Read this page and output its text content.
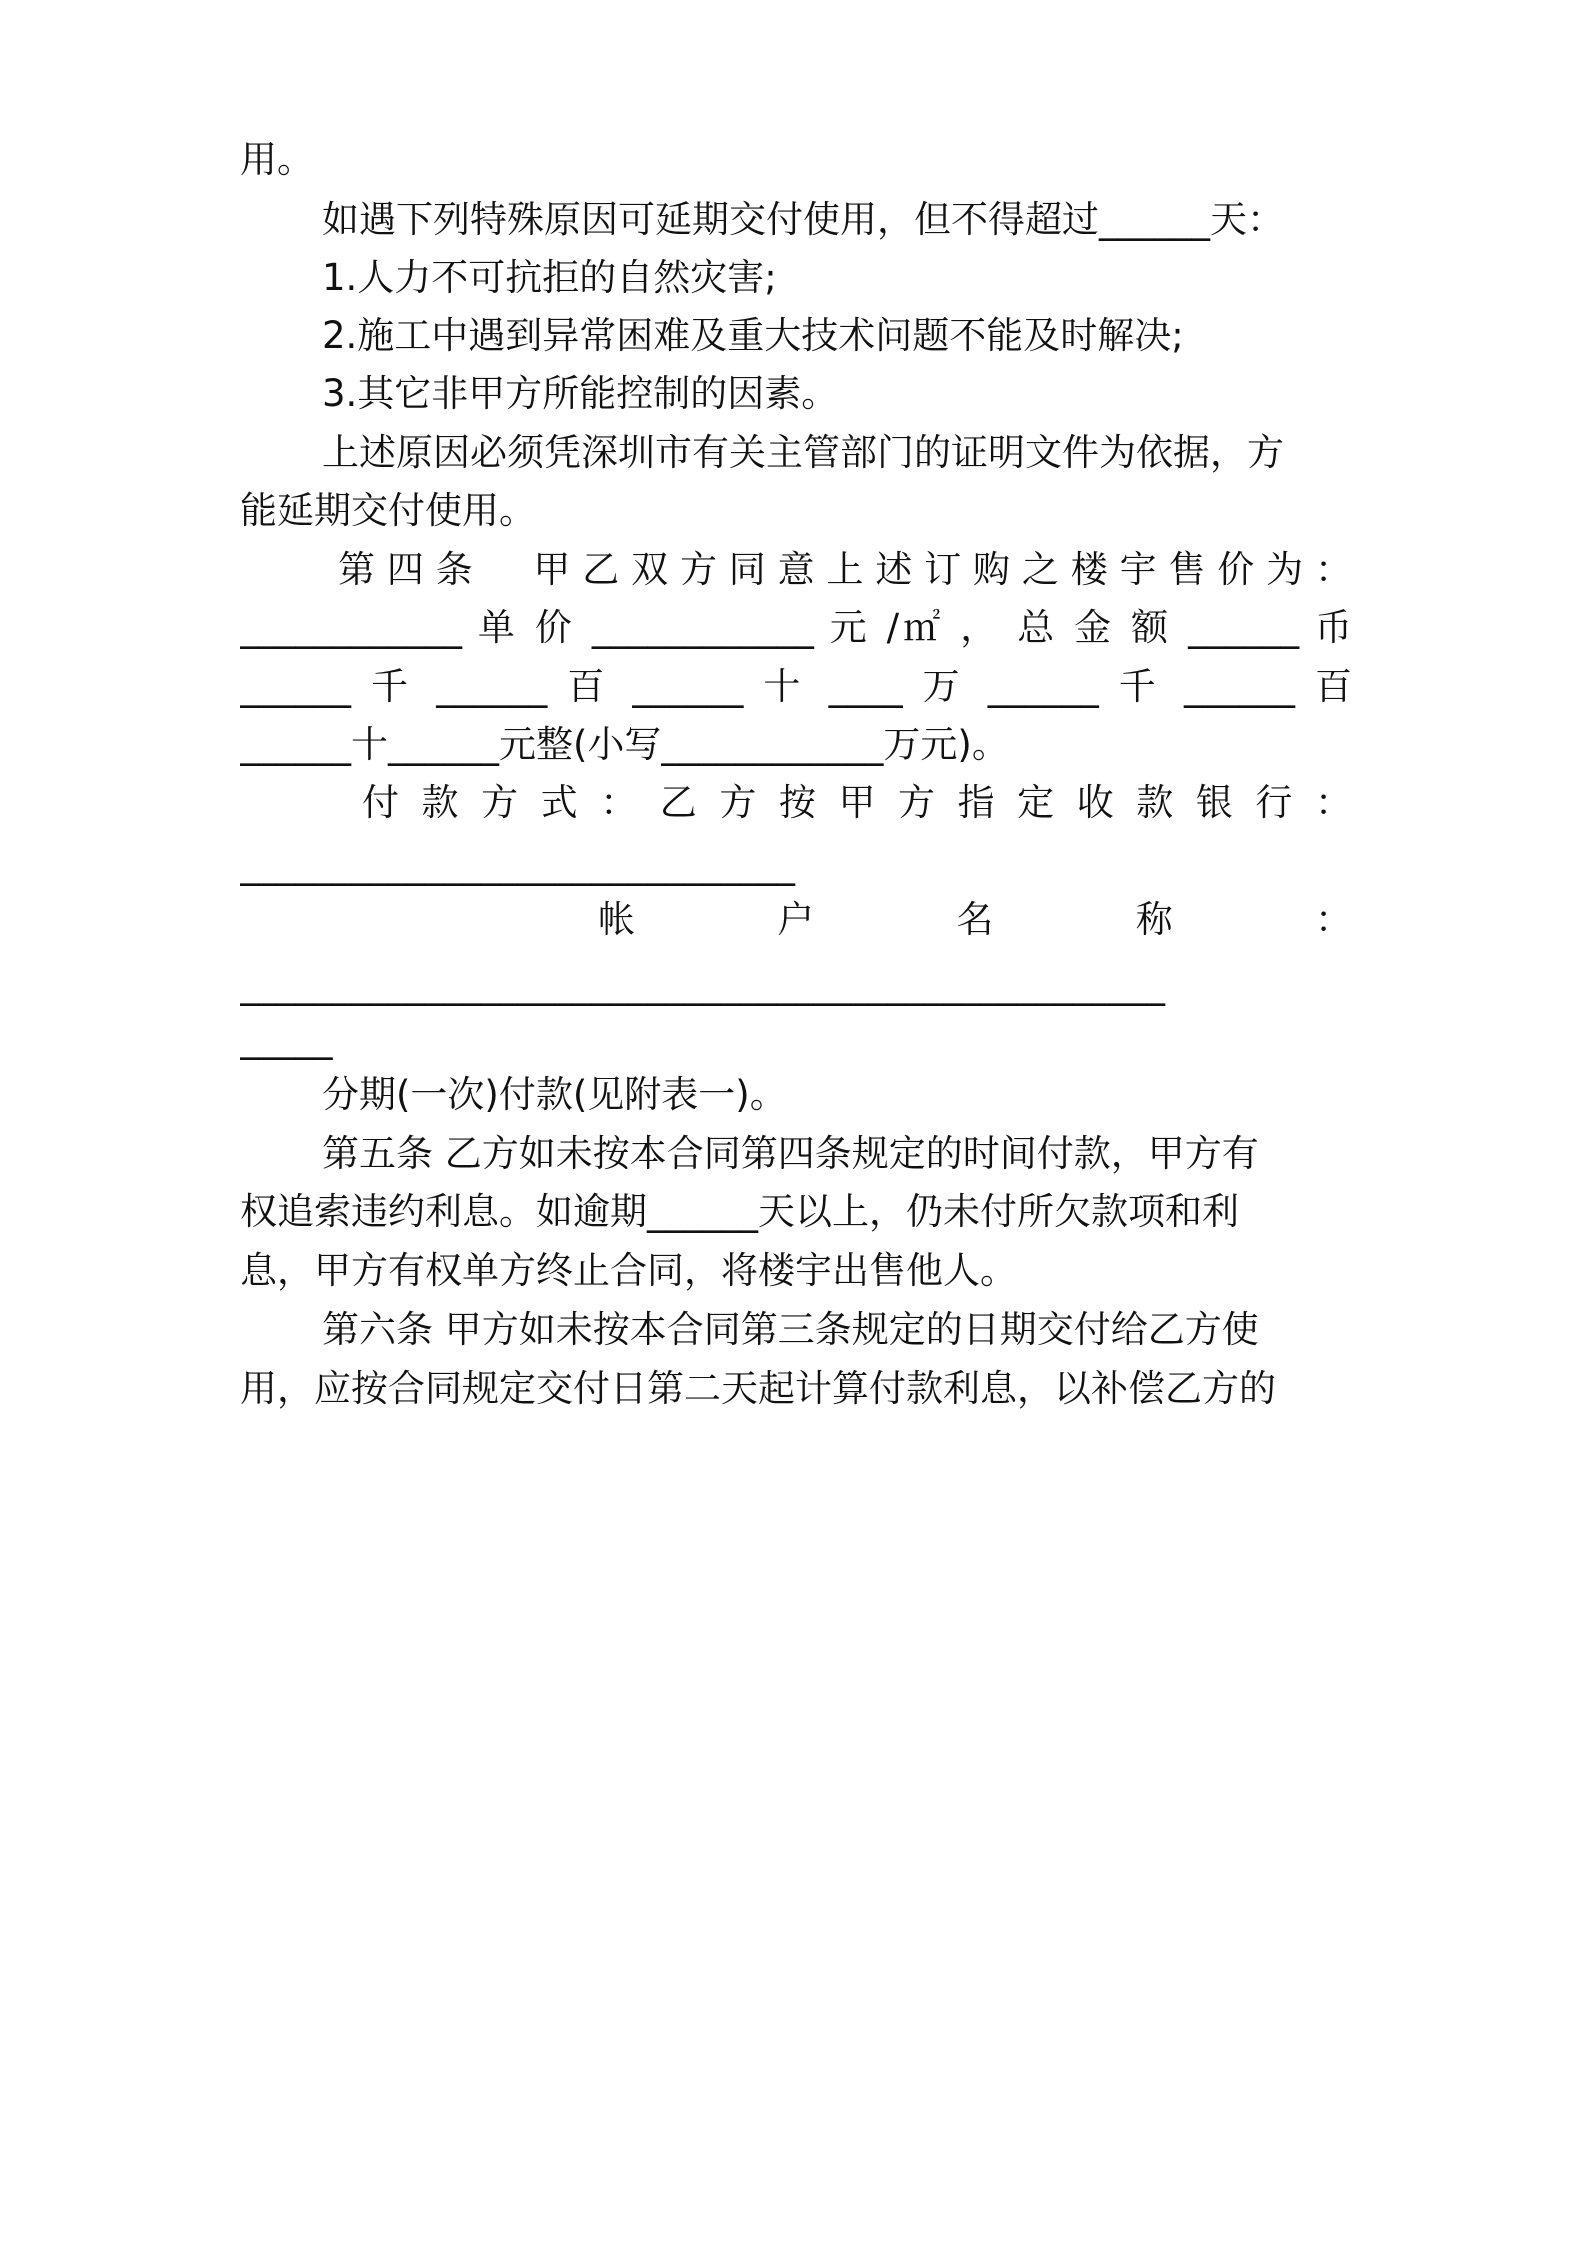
用。
如遇下列特殊原因可延期交付使用，但不得超过______天：
1.人力不可抗拒的自然灾害;
2.施工中遇到异常困难及重大技术问题不能及时解决;
3.其它非甲方所能控制的因素。
上述原因必须凭深圳市有关主管部门的证明文件为依据，方
能延期交付使用。
第 四 条 　 甲 乙 双 方 同 意 上 述 订 购 之 楼 宇 售 价 为 ：
____________ 单 价 ____________ 元 /㎡ ， 总 金 额 ______ 币
______ 千 ______ 百 ______ 十 ____ 万 ______ 千 ______ 百
______十______元整(小写____________万元)。
付 款 方 式 ： 乙 方 按 甲 方 指 定 收 款 银 行 ：
______________________________
帐 户 名 称 ：
__________________________________________________
_____
分期(一次)付款(见附表一)。
第五条 乙方如未按本合同第四条规定的时间付款，甲方有
权追索违约利息。如逾期______天以上，仍未付所欠款项和利
息，甲方有权单方终止合同，将楼宇出售他人。
第六条 甲方如未按本合同第三条规定的日期交付给乙方使
用，应按合同规定交付日第二天起计算付款利息，以补偿乙方的
